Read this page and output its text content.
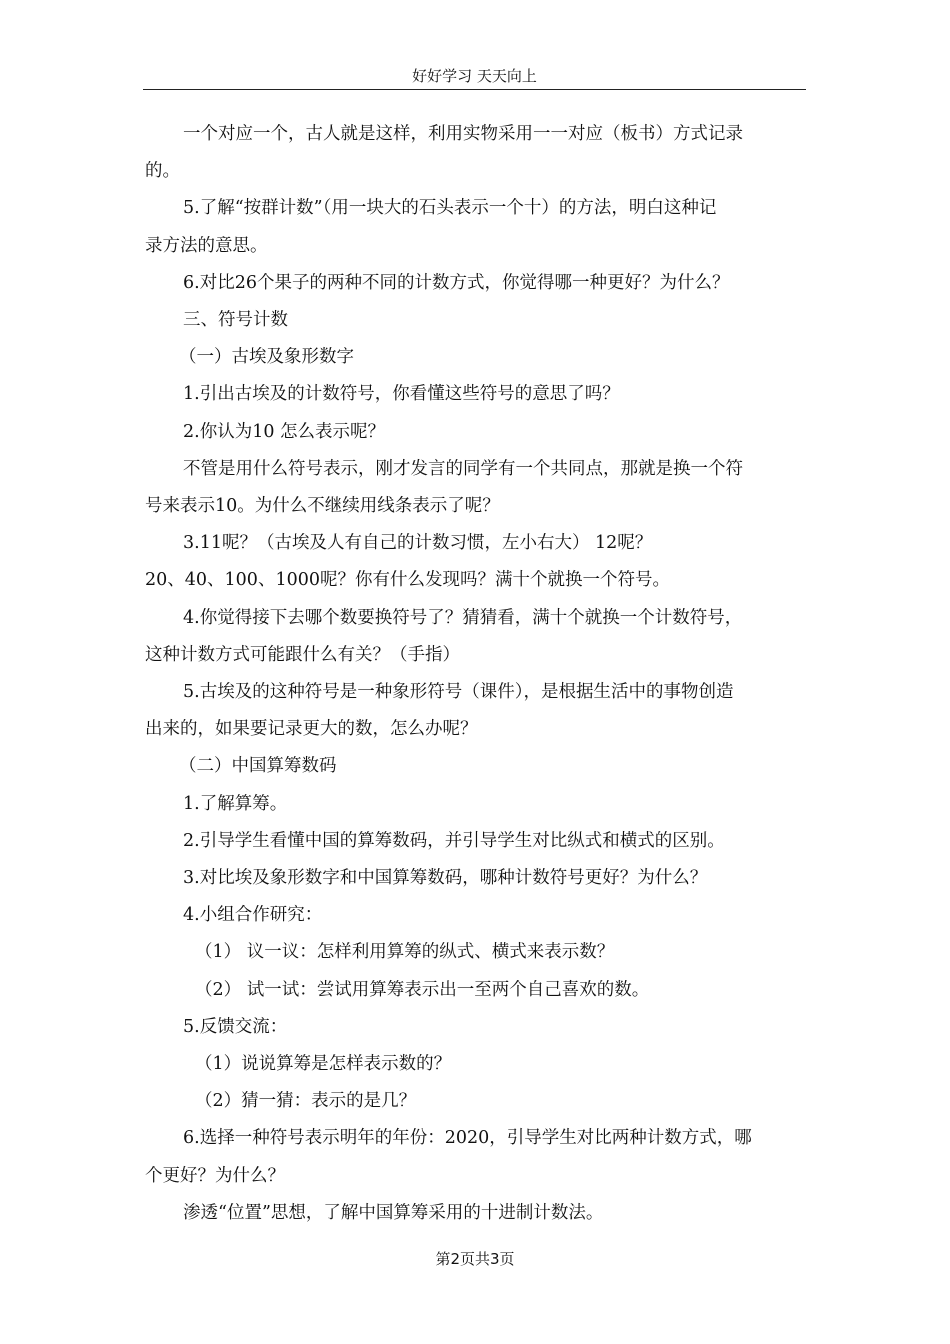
好好学习 天天向上

一个对应一个，古人就是这样，利用实物采用一一对应（板书）方式记录

的。

5.了解“按群计数”（用一块大的石头表示一个十）的方法，明白这种记

录方法的意思。

6.对比26个果子的两种不同的计数方式，你觉得哪一种更好？为什么？

三、符号计数

（一）古埃及象形数字

1.引出古埃及的计数符号，你看懂这些符号的意思了吗？

2.你认为10 怎么表示呢？

不管是用什么符号表示，刚才发言的同学有一个共同点，那就是换一个符

号来表示10。为什么不继续用线条表示了呢？

3.11呢？（古埃及人有自己的计数习惯，左小右大） 12呢？

20、40、100、1000呢？你有什么发现吗？满十个就换一个符号。

4.你觉得接下去哪个数要换符号了？猜猜看，满十个就换一个计数符号，

这种计数方式可能跟什么有关？（手指）

5.古埃及的这种符号是一种象形符号（课件），是根据生活中的事物创造

出来的，如果要记录更大的数，怎么办呢？

（二）中国算筹数码

1.了解算筹。

2.引导学生看懂中国的算筹数码，并引导学生对比纵式和横式的区别。

3.对比埃及象形数字和中国算筹数码，哪种计数符号更好？为什么？

4.小组合作研究：

（1） 议一议：怎样利用算筹的纵式、横式来表示数？

（2） 试一试：尝试用算筹表示出一至两个自己喜欢的数。

5.反馈交流：

（1）说说算筹是怎样表示数的？

（2）猜一猜：表示的是几？

6.选择一种符号表示明年的年份：2020，引导学生对比两种计数方式，哪

个更好？为什么？

渗透“位置”思想，了解中国算筹采用的十进制计数法。

第2页共3页
